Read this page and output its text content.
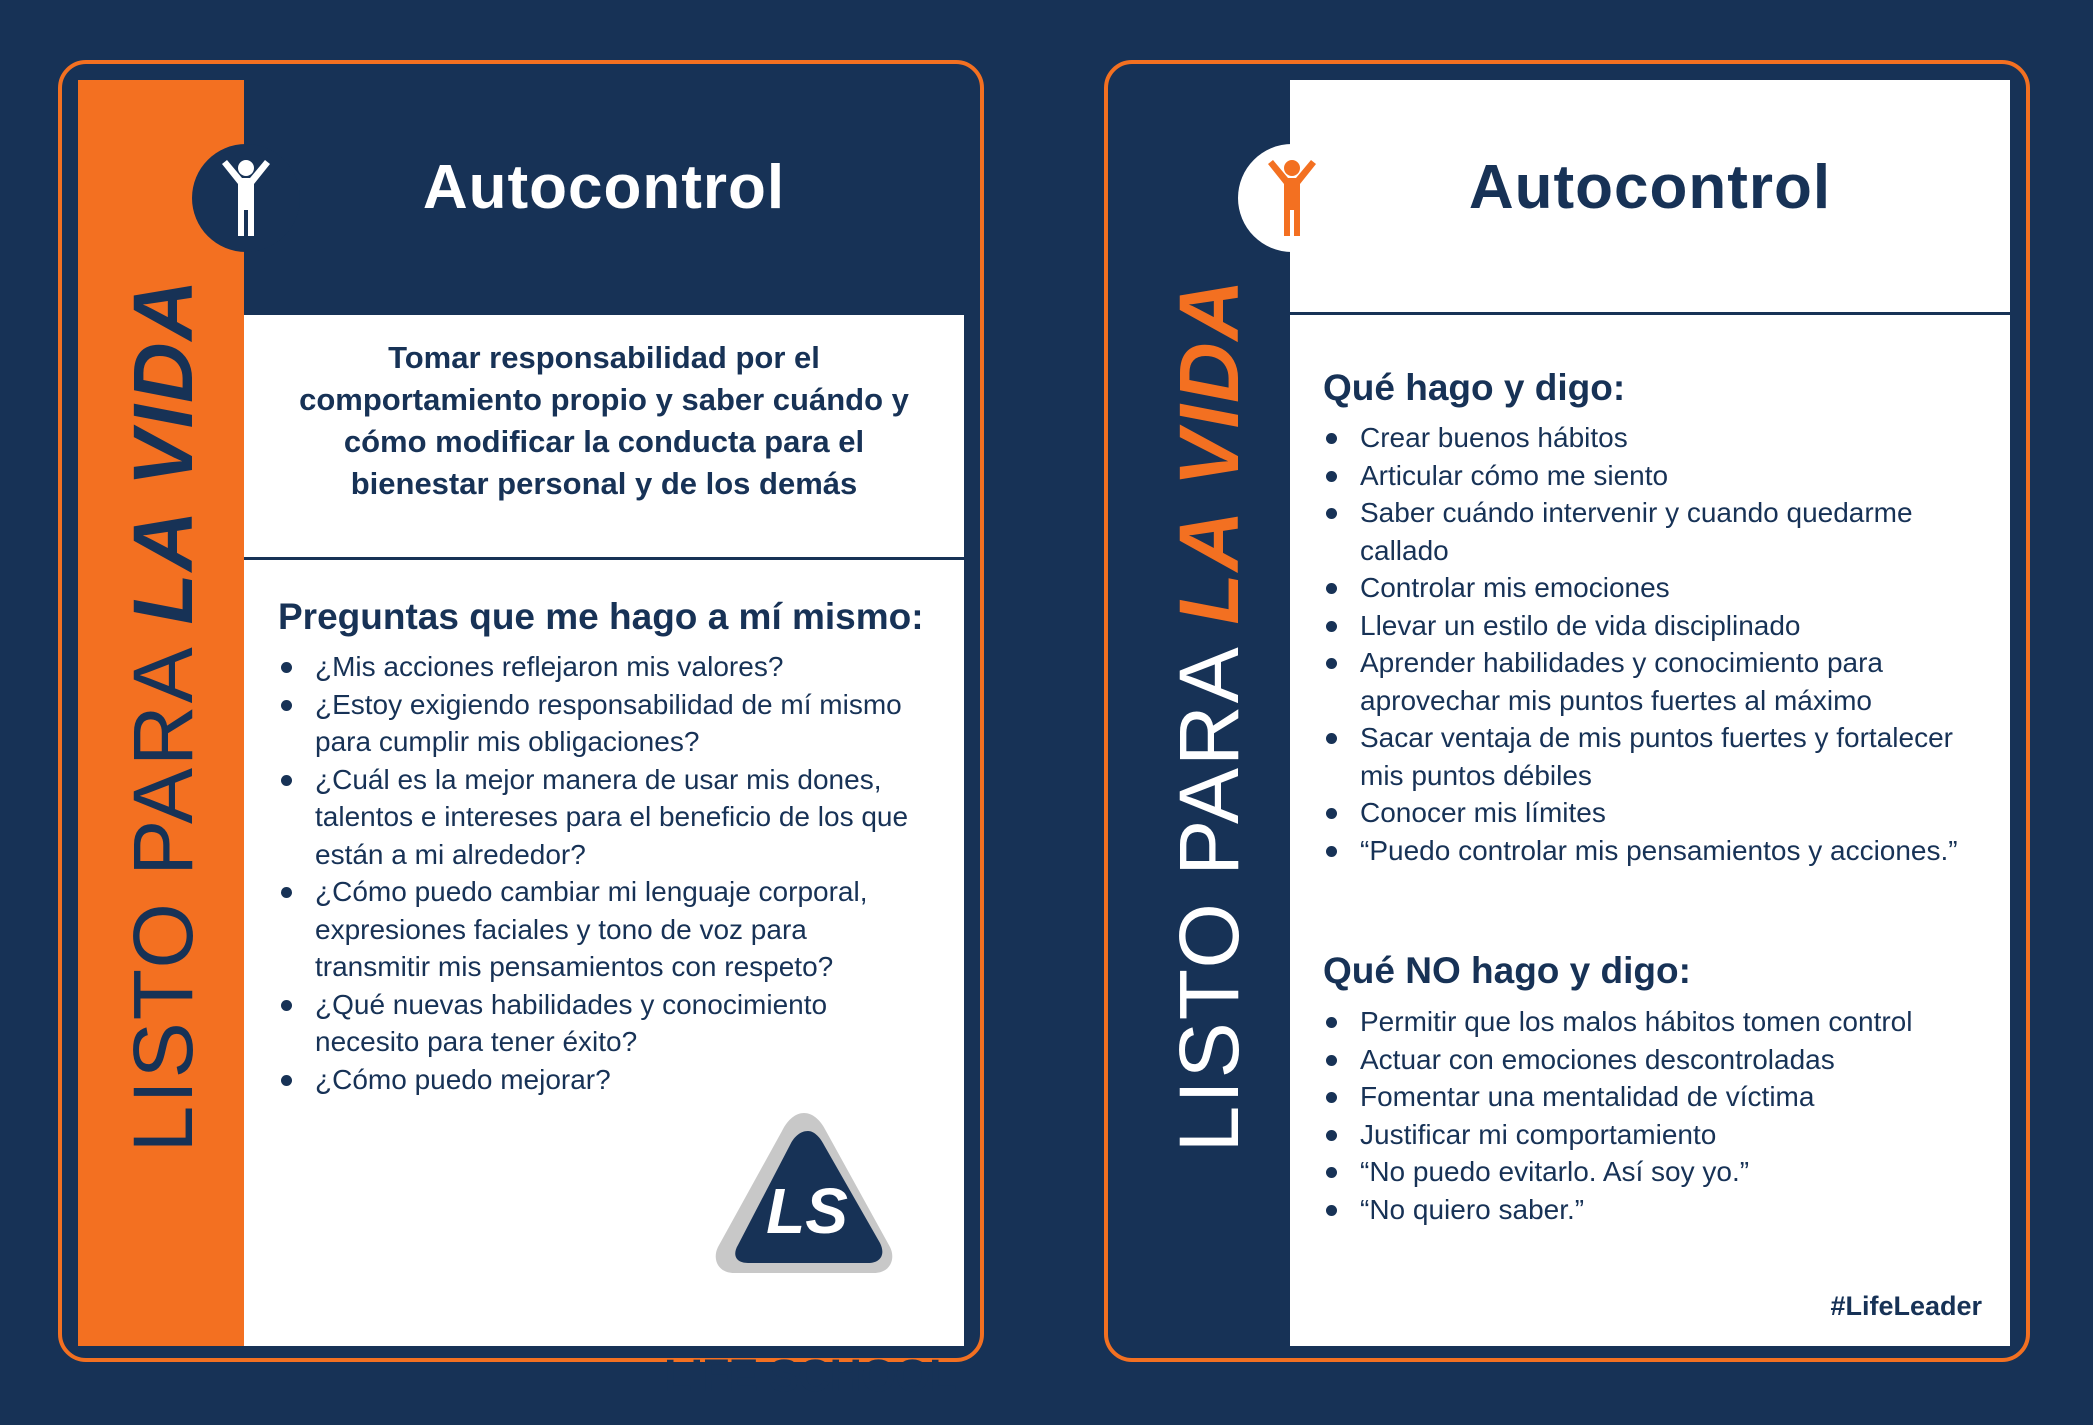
LISTO PARA LA VIDA
Autocontrol
Tomar responsabilidad por el comportamiento propio y saber cuándo y cómo modificar la conducta para el bienestar personal y de los demás
Preguntas que me hago a mí mismo:
¿Mis acciones reflejaron mis valores?
¿Estoy exigiendo responsabilidad de mí mismo para cumplir mis obligaciones?
¿Cuál es la mejor manera de usar mis dones, talentos e intereses para el beneficio de los que están a mi alrededor?
¿Cómo puedo cambiar mi lenguaje corporal, expresiones faciales y tono de voz para transmitir mis pensamientos con respeto?
¿Qué nuevas habilidades y conocimiento necesito para tener éxito?
¿Cómo puedo mejorar?
LS
LIFE SCHOOL
LISTO PARA LA VIDA
Autocontrol
Qué hago y digo:
Crear buenos hábitos
Articular cómo me siento
Saber cuándo intervenir y cuando quedarme callado
Controlar mis emociones
Llevar un estilo de vida disciplinado
Aprender habilidades y conocimiento para aprovechar mis puntos fuertes al máximo
Sacar ventaja de mis puntos fuertes y fortalecer mis puntos débiles
Conocer mis límites
“Puedo controlar mis pensamientos y acciones.”
Qué NO hago y digo:
Permitir que los malos hábitos tomen control
Actuar con emociones descontroladas
Fomentar una mentalidad de víctima
Justificar mi comportamiento
“No puedo evitarlo. Así soy yo.”
“No quiero saber.”
#LifeLeader
